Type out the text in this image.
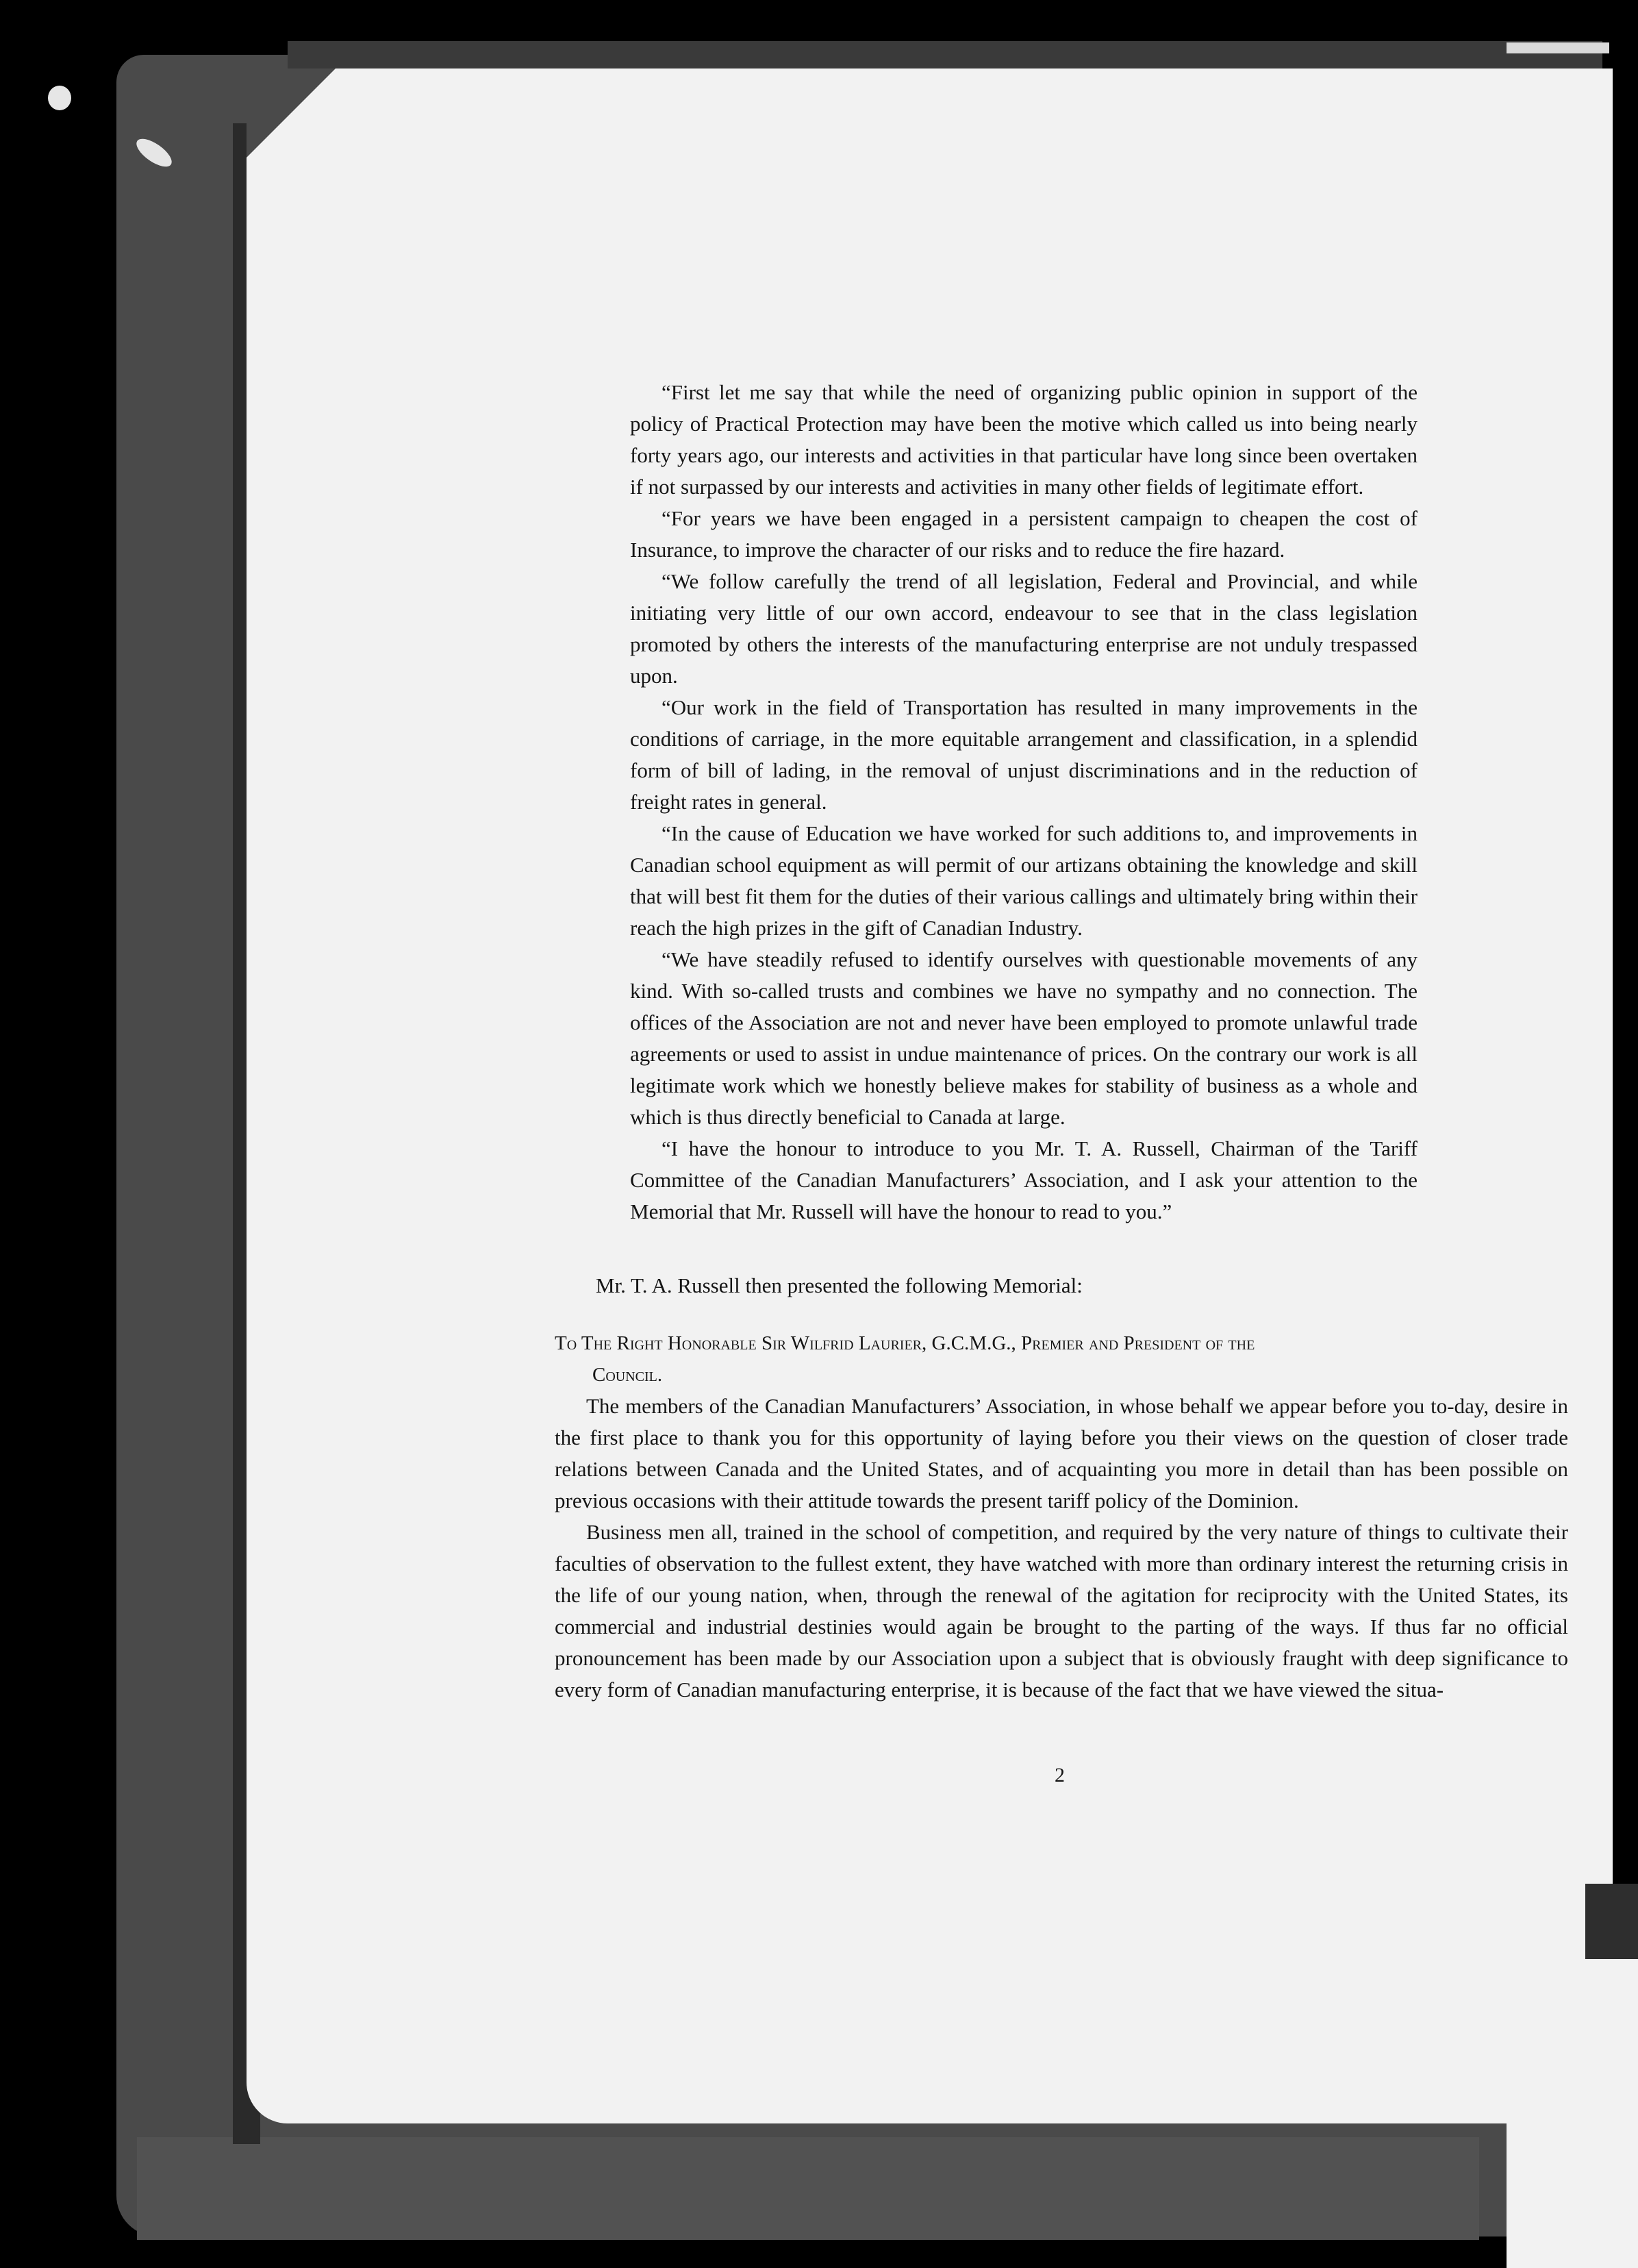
“First let me say that while the need of organizing public opinion in support of the policy of Practical Protection may have been the motive which called us into being nearly forty years ago, our interests and activities in that particular have long since been overtaken if not surpassed by our interests and activities in many other fields of legitimate effort.

“For years we have been engaged in a persistent campaign to cheapen the cost of Insurance, to improve the character of our risks and to reduce the fire hazard.

“We follow carefully the trend of all legislation, Federal and Provincial, and while initiating very little of our own accord, endeavour to see that in the class legislation promoted by others the interests of the manufacturing enterprise are not unduly trespassed upon.

“Our work in the field of Transportation has resulted in many improvements in the conditions of carriage, in the more equitable arrangement and classification, in a splendid form of bill of lading, in the removal of unjust discriminations and in the reduction of freight rates in general.

“In the cause of Education we have worked for such additions to, and improvements in Canadian school equipment as will permit of our artizans obtaining the knowledge and skill that will best fit them for the duties of their various callings and ultimately bring within their reach the high prizes in the gift of Canadian Industry.

“We have steadily refused to identify ourselves with questionable movements of any kind. With so-called trusts and combines we have no sympathy and no connection. The offices of the Association are not and never have been employed to promote unlawful trade agreements or used to assist in undue maintenance of prices. On the contrary our work is all legitimate work which we honestly believe makes for stability of business as a whole and which is thus directly beneficial to Canada at large.

“I have the honour to introduce to you Mr. T. A. Russell, Chairman of the Tariff Committee of the Canadian Manufacturers’ Association, and I ask your attention to the Memorial that Mr. Russell will have the honour to read to you.”

Mr. T. A. Russell then presented the following Memorial:

To The Right Honorable Sir Wilfrid Laurier, G.C.M.G., Premier and President of the
Council.

The members of the Canadian Manufacturers’ Association, in whose behalf we appear before you to-day, desire in the first place to thank you for this opportunity of laying before you their views on the question of closer trade relations between Canada and the United States, and of acquainting you more in detail than has been possible on previous occasions with their attitude towards the present tariff policy of the Dominion.

Business men all, trained in the school of competition, and required by the very nature of things to cultivate their faculties of observation to the fullest extent, they have watched with more than ordinary interest the returning crisis in the life of our young nation, when, through the renewal of the agitation for reciprocity with the United States, its commercial and industrial destinies would again be brought to the parting of the ways. If thus far no official pronouncement has been made by our Association upon a subject that is obviously fraught with deep significance to every form of Canadian manufacturing enterprise, it is because of the fact that we have viewed the situa-

2
